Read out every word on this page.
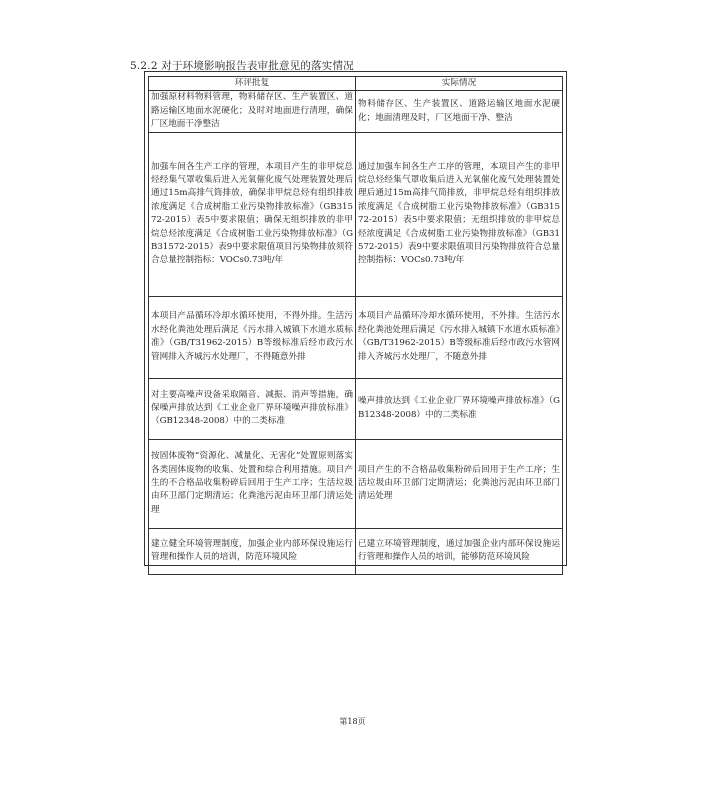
5.2.2 对于环境影响报告表审批意见的落实情况
环评批复	实际情况
加强原材料物料管理，物料储存区、生产装置区、道路运输区地面水泥硬化；及时对地面进行清理，确保厂区地面干净整洁	物料储存区、生产装置区、道路运输区地面水泥硬化；地面清理及时，厂区地面干净、整洁
加强车间各生产工序的管理，本项目产生的非甲烷总烃经集气罩收集后进入光氧催化废气处理装置处理后通过15m高排气筒排放，确保非甲烷总烃有组织排放浓度满足《合成树脂工业污染物排放标准》（GB31572-2015）表5中要求限值；确保无组织排放的非甲烷总烃浓度满足《合成树脂工业污染物排放标准》（GB31572-2015）表9中要求限值项目污染物排放须符合总量控制指标：VOCs0.73吨/年	通过加强车间各生产工序的管理，本项目产生的非甲烷总烃经集气罩收集后进入光氧催化废气处理装置处理后通过15m高排气筒排放，非甲烷总烃有组织排放浓度满足《合成树脂工业污染物排放标准》（GB31572-2015）表5中要求限值；无组织排放的非甲烷总烃浓度满足《合成树脂工业污染物排放标准》（GB31572-2015）表9中要求限值项目污染物排放符合总量控制指标：VOCs0.73吨/年
本项目产品循环冷却水循环使用，不得外排。生活污水经化粪池处理后满足《污水排入城镇下水道水质标准》（GB/T31962-2015）B等级标准后经市政污水管网排入齐城污水处理厂，不得随意外排	本项目产品循环冷却水循环使用，不外排。生活污水经化粪池处理后满足《污水排入城镇下水道水质标准》（GB/T31962-2015）B等级标准后经市政污水管网排入齐城污水处理厂，不随意外排
对主要高噪声设备采取隔音、减振、消声等措施，确保噪声排放达到《工业企业厂界环境噪声排放标准》（GB12348-2008）中的二类标准	噪声排放达到《工业企业厂界环境噪声排放标准》（GB12348-2008）中的二类标准
按固体废物“资源化、减量化、无害化”处置原则落实各类固体废物的收集、处置和综合利用措施。项目产生的不合格品收集粉碎后回用于生产工序；生活垃圾由环卫部门定期清运；化粪池污泥由环卫部门清运处理	项目产生的不合格品收集粉碎后回用于生产工序；生活垃圾由环卫部门定期清运；化粪池污泥由环卫部门清运处理
建立健全环境管理制度，加强企业内部环保设施运行管理和操作人员的培训，防范环境风险	已建立环境管理制度，通过加强企业内部环保设施运行管理和操作人员的培训，能够防范环境风险
第18页
